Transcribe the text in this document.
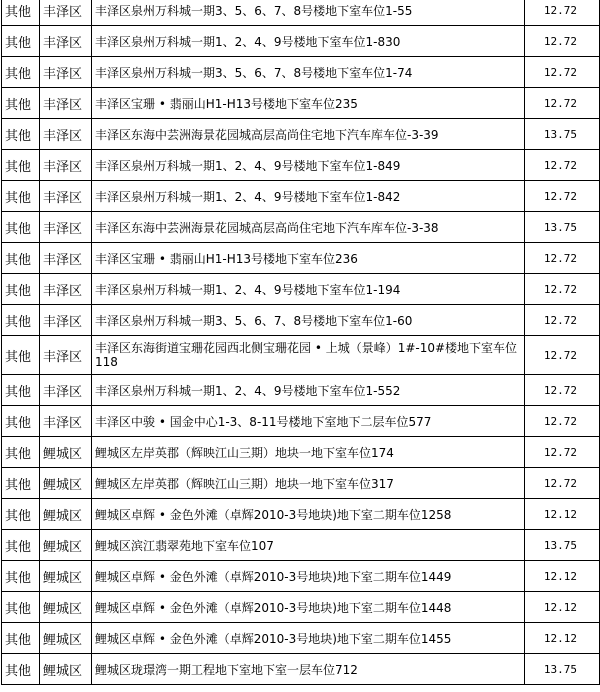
其他	丰泽区	丰泽区泉州万科城一期3、5、6、7、8号楼地下室车位1-55	12.72
其他	丰泽区	丰泽区泉州万科城一期1、2、4、9号楼地下室车位1-830	12.72
其他	丰泽区	丰泽区泉州万科城一期3、5、6、7、8号楼地下室车位1-74	12.72
其他	丰泽区	丰泽区宝珊 • 翡丽山H1-H13号楼地下室车位235	12.72
其他	丰泽区	丰泽区东海中芸洲海景花园城高层高尚住宅地下汽车库车位-3-39	13.75
其他	丰泽区	丰泽区泉州万科城一期1、2、4、9号楼地下室车位1-849	12.72
其他	丰泽区	丰泽区泉州万科城一期1、2、4、9号楼地下室车位1-842	12.72
其他	丰泽区	丰泽区东海中芸洲海景花园城高层高尚住宅地下汽车库车位-3-38	13.75
其他	丰泽区	丰泽区宝珊 • 翡丽山H1-H13号楼地下室车位236	12.72
其他	丰泽区	丰泽区泉州万科城一期1、2、4、9号楼地下室车位1-194	12.72
其他	丰泽区	丰泽区泉州万科城一期3、5、6、7、8号楼地下室车位1-60	12.72
其他	丰泽区	丰泽区东海街道宝珊花园西北侧宝珊花园 • 上城（景峰）1#-10#楼地下室车位118	12.72
其他	丰泽区	丰泽区泉州万科城一期1、2、4、9号楼地下室车位1-552	12.72
其他	丰泽区	丰泽区中骏 • 国金中心1-3、8-11号楼地下室地下二层车位577	12.72
其他	鲤城区	鲤城区左岸英郡（辉映江山三期）地块一地下室车位174	12.72
其他	鲤城区	鲤城区左岸英郡（辉映江山三期）地块一地下室车位317	12.72
其他	鲤城区	鲤城区卓辉 • 金色外滩（卓辉2010-3号地块)地下室二期车位1258	12.12
其他	鲤城区	鲤城区滨江翡翠苑地下室车位107	13.75
其他	鲤城区	鲤城区卓辉 • 金色外滩（卓辉2010-3号地块)地下室二期车位1449	12.12
其他	鲤城区	鲤城区卓辉 • 金色外滩（卓辉2010-3号地块)地下室二期车位1448	12.12
其他	鲤城区	鲤城区卓辉 • 金色外滩（卓辉2010-3号地块)地下室二期车位1455	12.12
其他	鲤城区	鲤城区珑璟湾一期工程地下室地下室一层车位712	13.75
